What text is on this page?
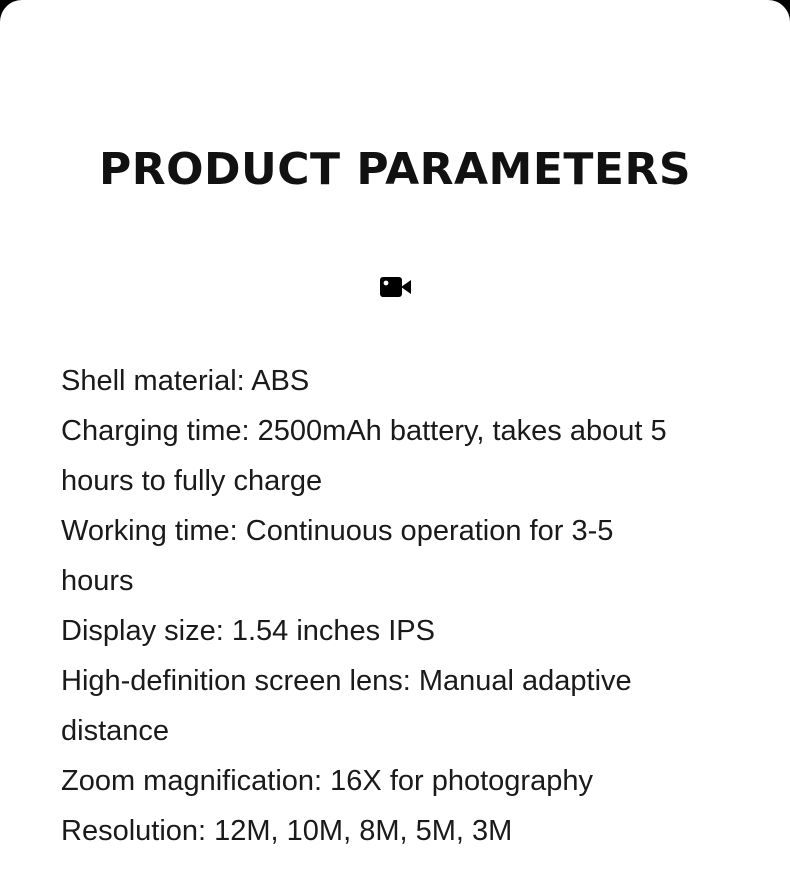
PRODUCT PARAMETERS

Shell material: ABS

Charging time: 2500mAh battery, takes about 5

hours to fully charge

Working time: Continuous operation for 3-5

hours

Display size: 1.54 inches IPS

High-definition screen lens: Manual adaptive

distance

Zoom magnification: 16X for photography

Resolution: 12M, 10M, 8M, 5M, 3M
